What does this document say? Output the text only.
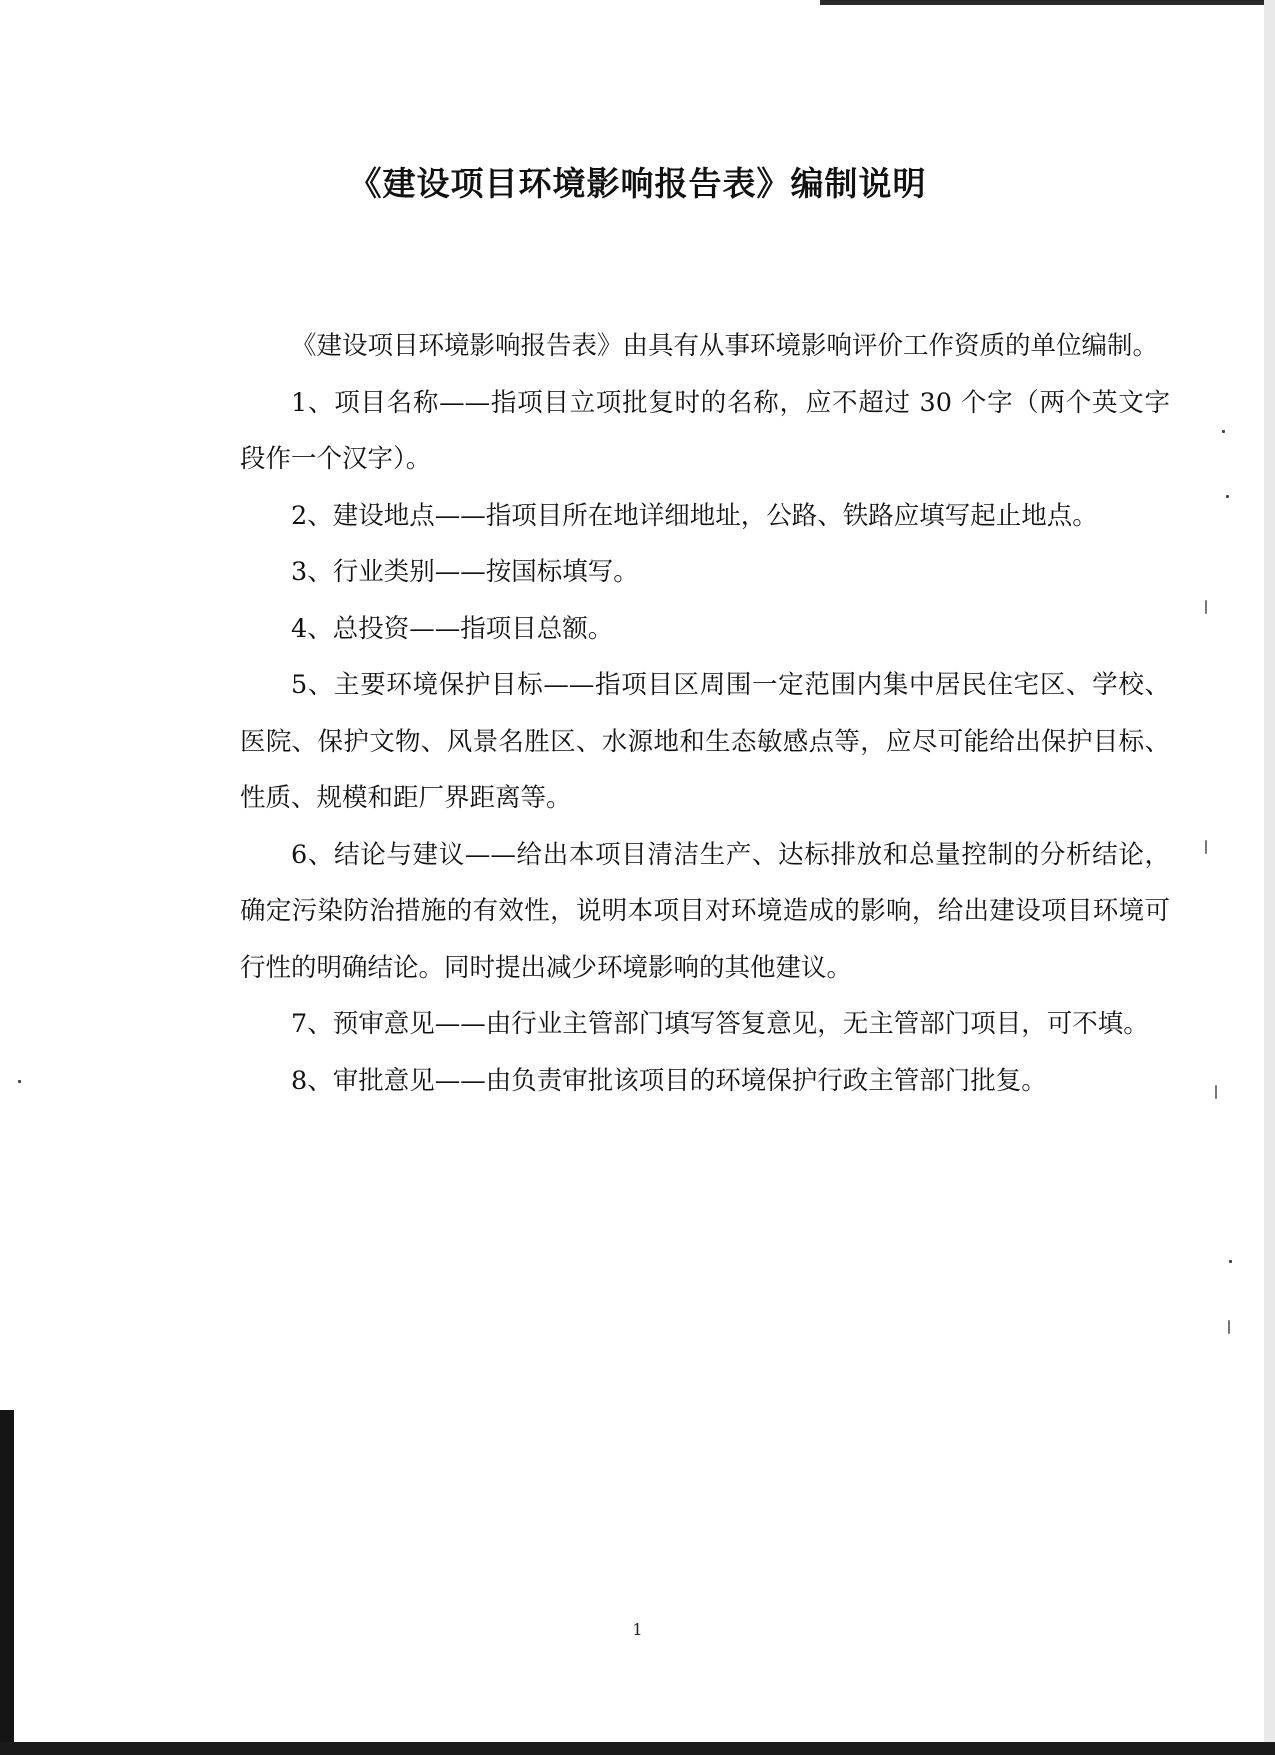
《建设项目环境影响报告表》编制说明

《建设项目环境影响报告表》由具有从事环境影响评价工作资质的单位编制。

1、项目名称——指项目立项批复时的名称，应不超过 30 个字（两个英文字段作一个汉字）。

2、建设地点——指项目所在地详细地址，公路、铁路应填写起止地点。

3、行业类别——按国标填写。

4、总投资——指项目总额。

5、主要环境保护目标——指项目区周围一定范围内集中居民住宅区、学校、医院、保护文物、风景名胜区、水源地和生态敏感点等，应尽可能给出保护目标、性质、规模和距厂界距离等。

6、结论与建议——给出本项目清洁生产、达标排放和总量控制的分析结论，确定污染防治措施的有效性，说明本项目对环境造成的影响，给出建设项目环境可行性的明确结论。同时提出减少环境影响的其他建议。

7、预审意见——由行业主管部门填写答复意见，无主管部门项目，可不填。

8、审批意见——由负责审批该项目的环境保护行政主管部门批复。

1
